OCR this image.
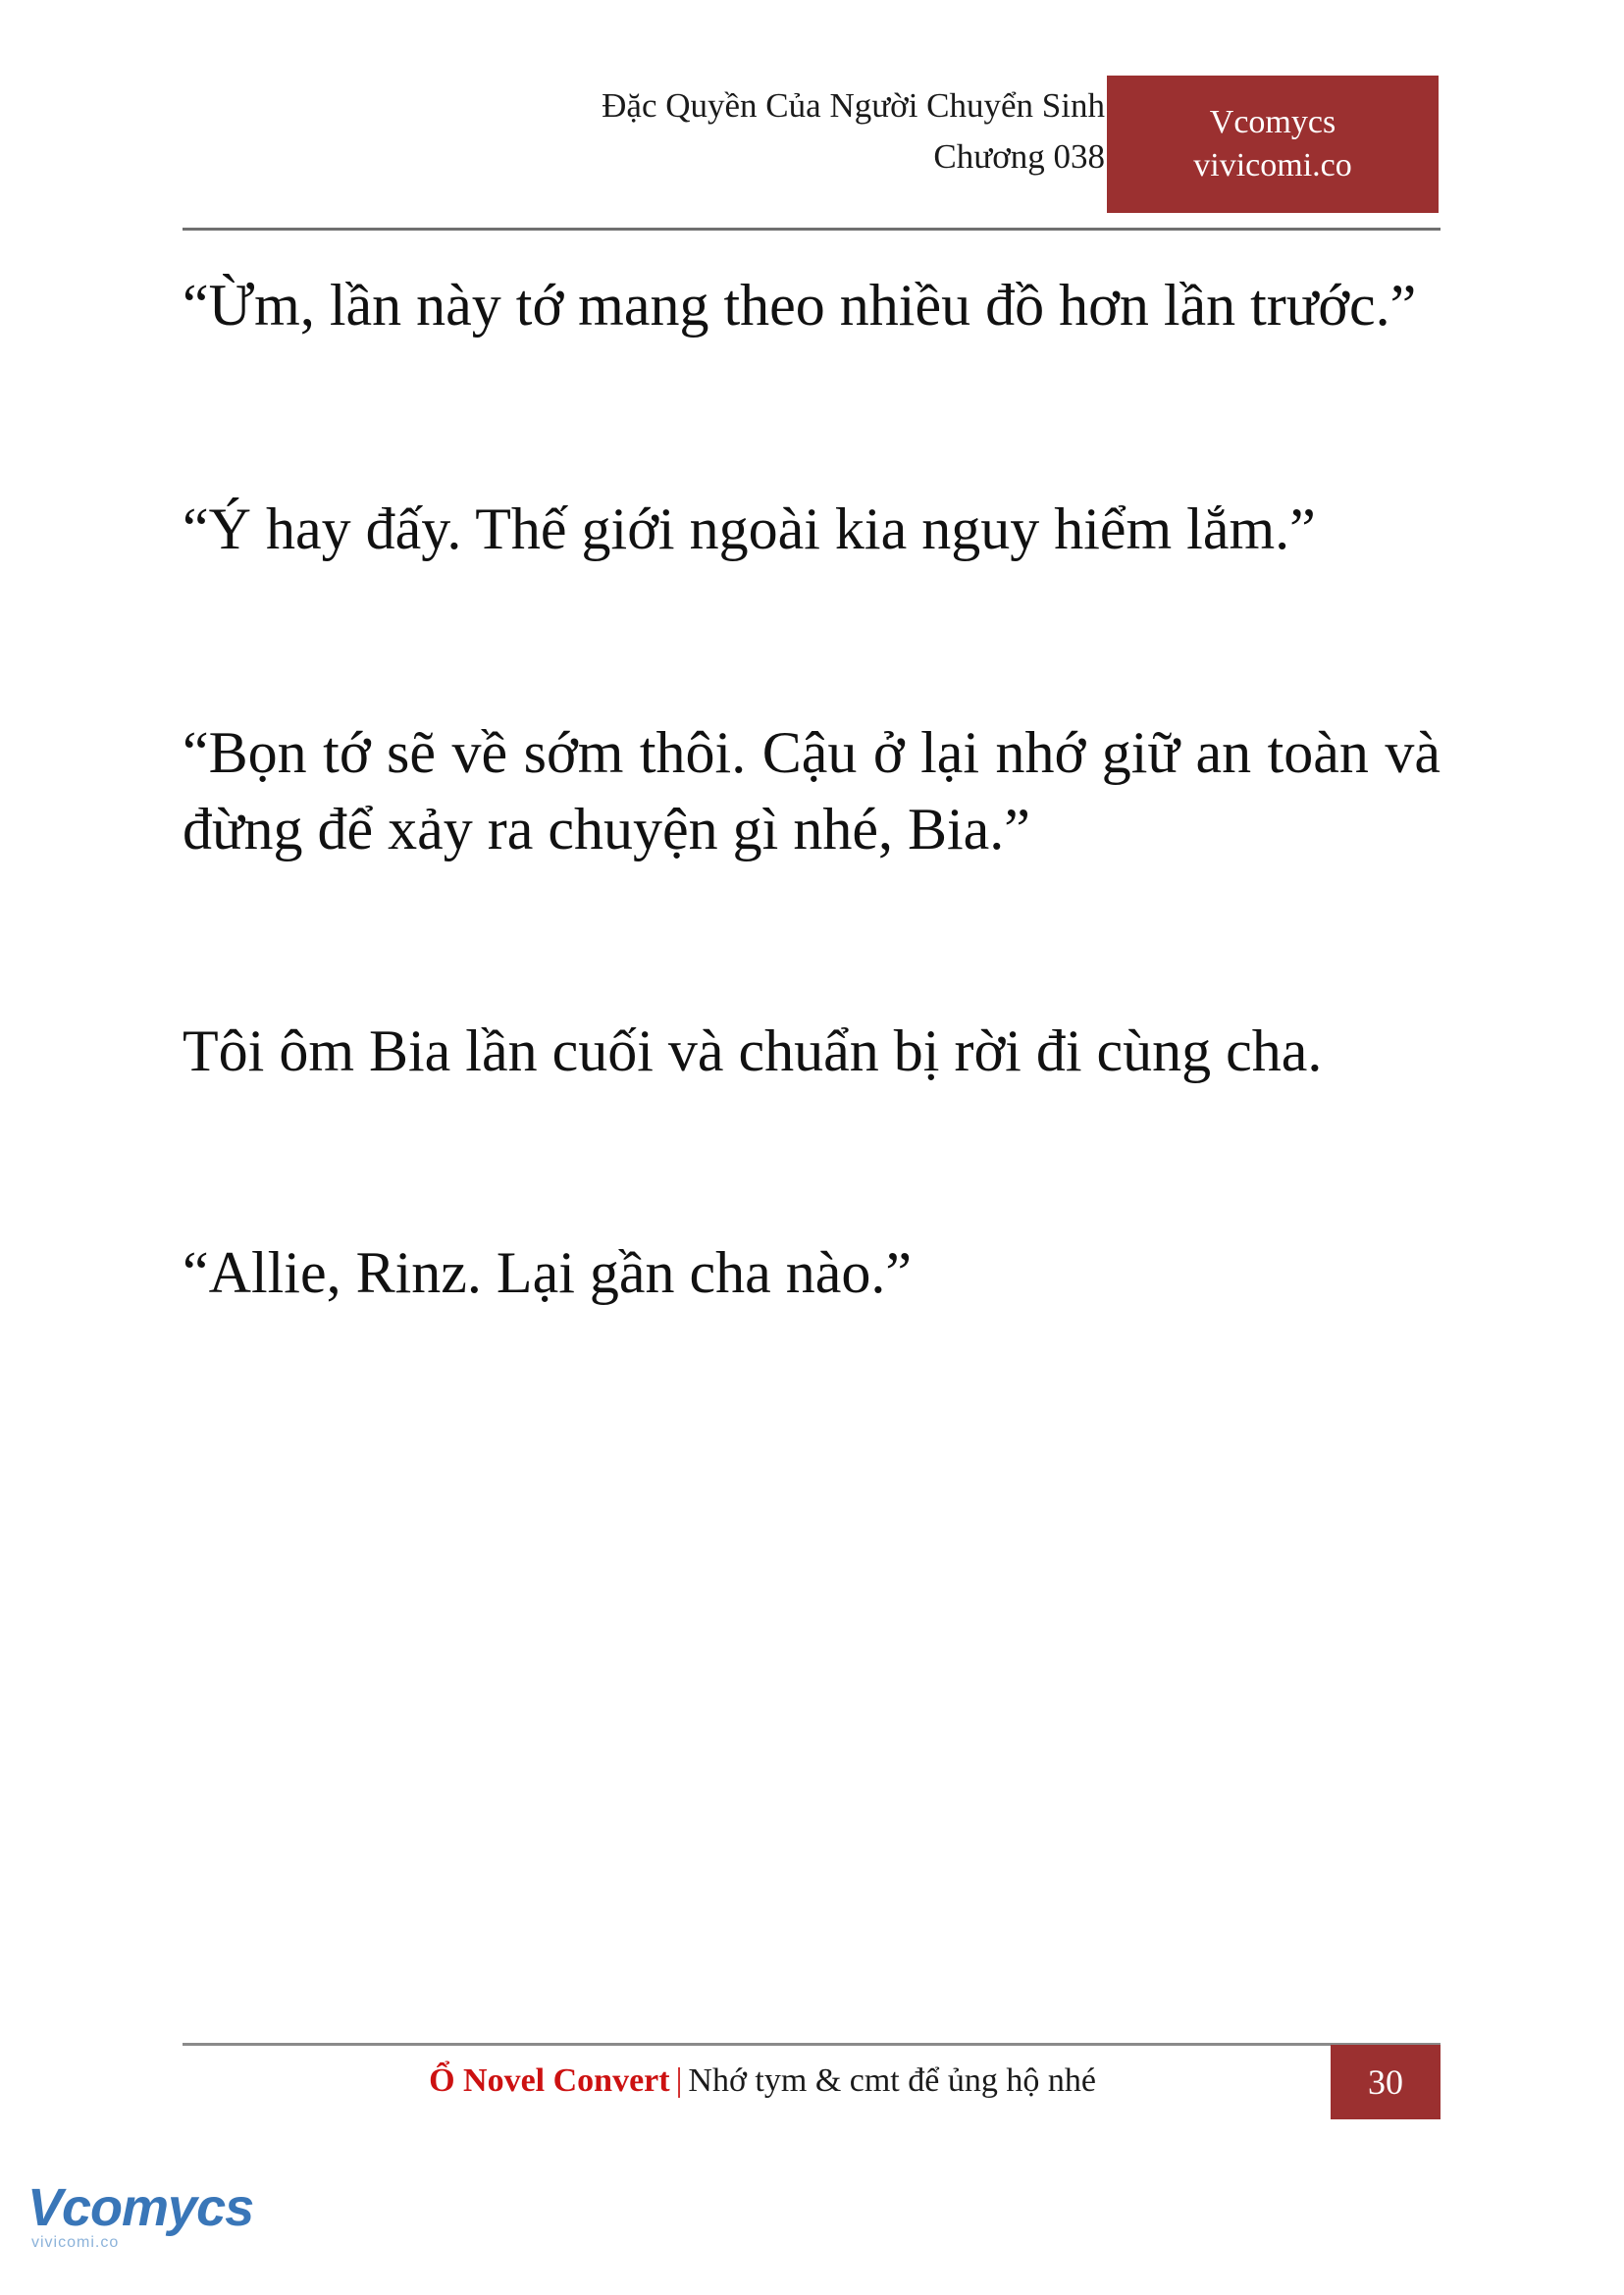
Đặc Quyền Của Người Chuyển Sinh
Chương 038
Vcomycs
vivicomi.co

“Ừm, lần này tớ mang theo nhiều đồ hơn lần trước.”

“Ý hay đấy. Thế giới ngoài kia nguy hiểm lắm.”

“Bọn tớ sẽ về sớm thôi. Cậu ở lại nhớ giữ an toàn và đừng để xảy ra chuyện gì nhé, Bia.”

Tôi ôm Bia lần cuối và chuẩn bị rời đi cùng cha.

“Allie, Rinz. Lại gần cha nào.”

Ổ Novel Convert | Nhớ tym & cmt để ủng hộ nhé	30
Vcomycs
vivicomi.co
